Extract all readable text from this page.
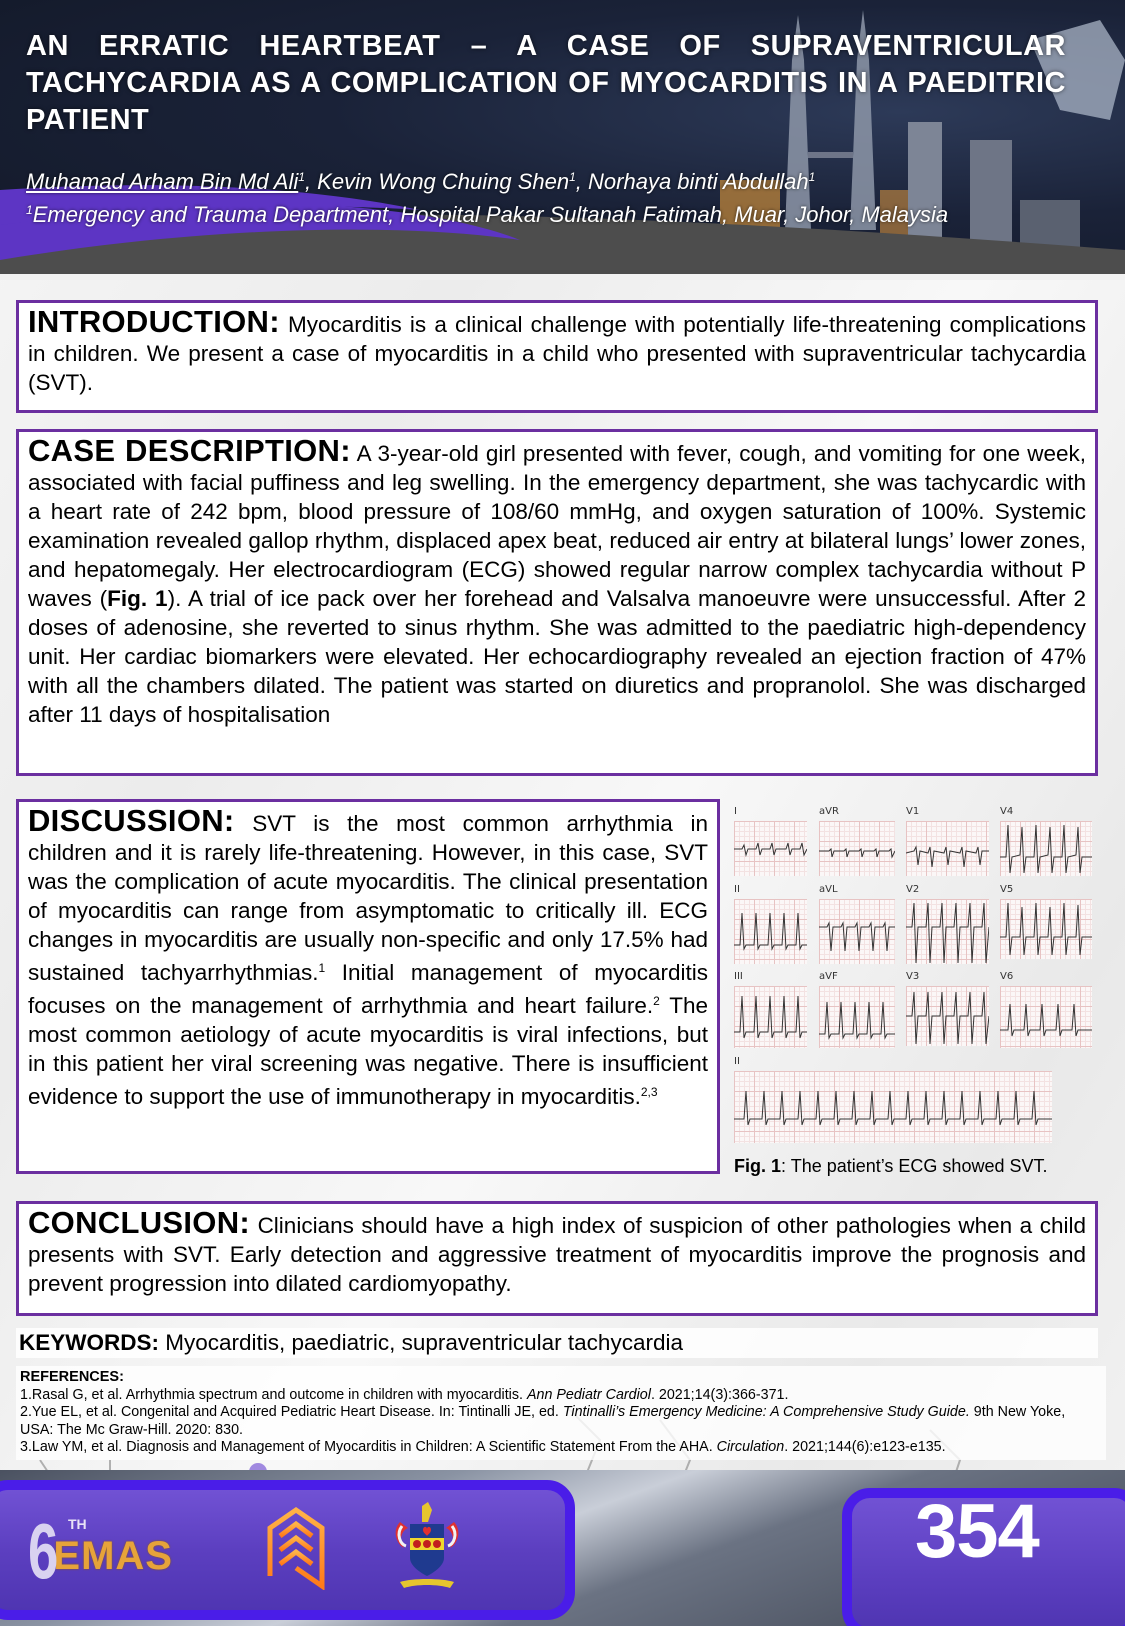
AN ERRATIC HEARTBEAT – A CASE OF SUPRAVENTRICULAR TACHYCARDIA AS A COMPLICATION OF MYOCARDITIS IN A PAEDITRIC PATIENT
Muhamad Arham Bin Md Ali$^1$, Kevin Wong Chuing Shen$^1$, Norhaya binti Abdullah$^1$
$^1$Emergency and Trauma Department, Hospital Pakar Sultanah Fatimah, Muar, Johor, Malaysia
INTRODUCTION: Myocarditis is a clinical challenge with potentially life-threatening complications in children. We present a case of myocarditis in a child who presented with supraventricular tachycardia (SVT).
CASE DESCRIPTION: A 3-year-old girl presented with fever, cough, and vomiting for one week, associated with facial puffiness and leg swelling. In the emergency department, she was tachycardic with a heart rate of 242 bpm, blood pressure of 108/60 mmHg, and oxygen saturation of 100%. Systemic examination revealed gallop rhythm, displaced apex beat, reduced air entry at bilateral lungs’ lower zones, and hepatomegaly. Her electrocardiogram (ECG) showed regular narrow complex tachycardia without P waves (Fig. 1). A trial of ice pack over her forehead and Valsalva manoeuvre were unsuccessful. After 2 doses of adenosine, she reverted to sinus rhythm. She was admitted to the paediatric high-dependency unit. Her cardiac biomarkers were elevated. Her echocardiography revealed an ejection fraction of 47% with all the chambers dilated. The patient was started on diuretics and propranolol. She was discharged after 11 days of hospitalisation
DISCUSSION: SVT is the most common arrhythmia in children and it is rarely life-threatening. However, in this case, SVT was the complication of acute myocarditis. The clinical presentation of myocarditis can range from asymptomatic to critically ill. ECG changes in myocarditis are usually non-specific and only 17.5% had sustained tachyarrhythmias.$^1$ Initial management of myocarditis focuses on the management of arrhythmia and heart failure.$^2$ The most common aetiology of acute myocarditis is viral infections, but in this patient her viral screening was negative. There is insufficient evidence to support the use of immunotherapy in myocarditis.$^{2,3}$
I	aVR	V1	V4
II	aVL	V2	V5
III	aVF	V3	V6
II
Fig. 1: The patient’s ECG showed SVT.
CONCLUSION: Clinicians should have a high index of suspicion of other pathologies when a child presents with SVT. Early detection and aggressive treatment of myocarditis improve the prognosis and prevent progression into dilated cardiomyopathy.
KEYWORDS: Myocarditis, paediatric, supraventricular tachycardia
REFERENCES:
1.Rasal G, et al. Arrhythmia spectrum and outcome in children with myocarditis. Ann Pediatr Cardiol. 2021;14(3):366-371.
2.Yue EL, et al. Congenital and Acquired Pediatric Heart Disease. In: Tintinalli JE, ed. Tintinalli’s Emergency Medicine: A Comprehensive Study Guide. 9th New Yoke, USA: The Mc Graw-Hill. 2020: 830.
3.Law YM, et al. Diagnosis and Management of Myocarditis in Children: A Scientific Statement From the AHA. Circulation. 2021;144(6):e123-e135.
6 TH
EMAS	354
